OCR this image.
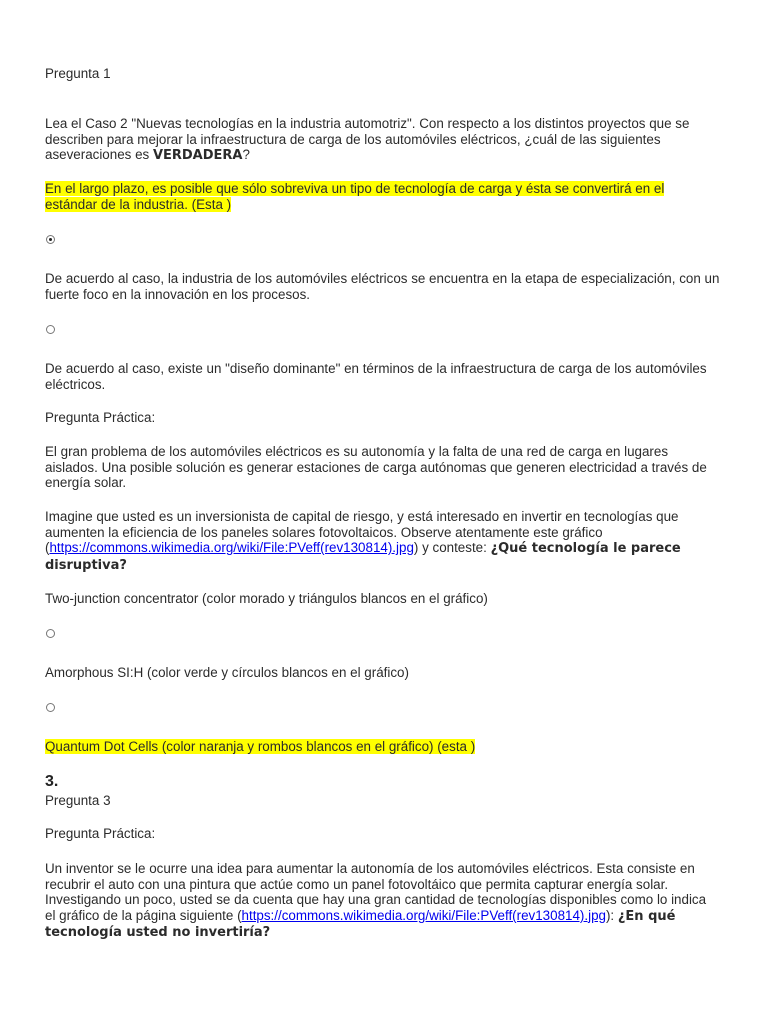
Pregunta 1

Lea el Caso 2 "Nuevas tecnologías en la industria automotriz". Con respecto a los distintos proyectos que se describen para mejorar la infraestructura de carga de los automóviles eléctricos, ¿cuál de las siguientes aseveraciones es VERDADERA?

En el largo plazo, es posible que sólo sobreviva un tipo de tecnología de carga y ésta se convertirá en el estándar de la industria. (Esta )

De acuerdo al caso, la industria de los automóviles eléctricos se encuentra en la etapa de especialización, con un fuerte foco en la innovación en los procesos.

De acuerdo al caso, existe un "diseño dominante" en términos de la infraestructura de carga de los automóviles eléctricos.

Pregunta Práctica:

El gran problema de los automóviles eléctricos es su autonomía y la falta de una red de carga en lugares aislados. Una posible solución es generar estaciones de carga autónomas que generen electricidad a través de energía solar.

Imagine que usted es un inversionista de capital de riesgo, y está interesado en invertir en tecnologías que aumenten la eficiencia de los paneles solares fotovoltaicos. Observe atentamente este gráfico (https://commons.wikimedia.org/wiki/File:PVeff(rev130814).jpg) y conteste: ¿Qué tecnología le parece disruptiva?

Two-junction concentrator (color morado y triángulos blancos en el gráfico)

Amorphous SI:H (color verde y círculos blancos en el gráfico)

Quantum Dot Cells (color naranja y rombos blancos en el gráfico) (esta )

3.

Pregunta 3

Pregunta Práctica:

Un inventor se le ocurre una idea para aumentar la autonomía de los automóviles eléctricos. Esta consiste en recubrir el auto con una pintura que actúe como un panel fotovoltáico que permita capturar energía solar. Investigando un poco, usted se da cuenta que hay una gran cantidad de tecnologías disponibles como lo indica el gráfico de la página siguiente (https://commons.wikimedia.org/wiki/File:PVeff(rev130814).jpg): ¿En qué tecnología usted no invertiría?
